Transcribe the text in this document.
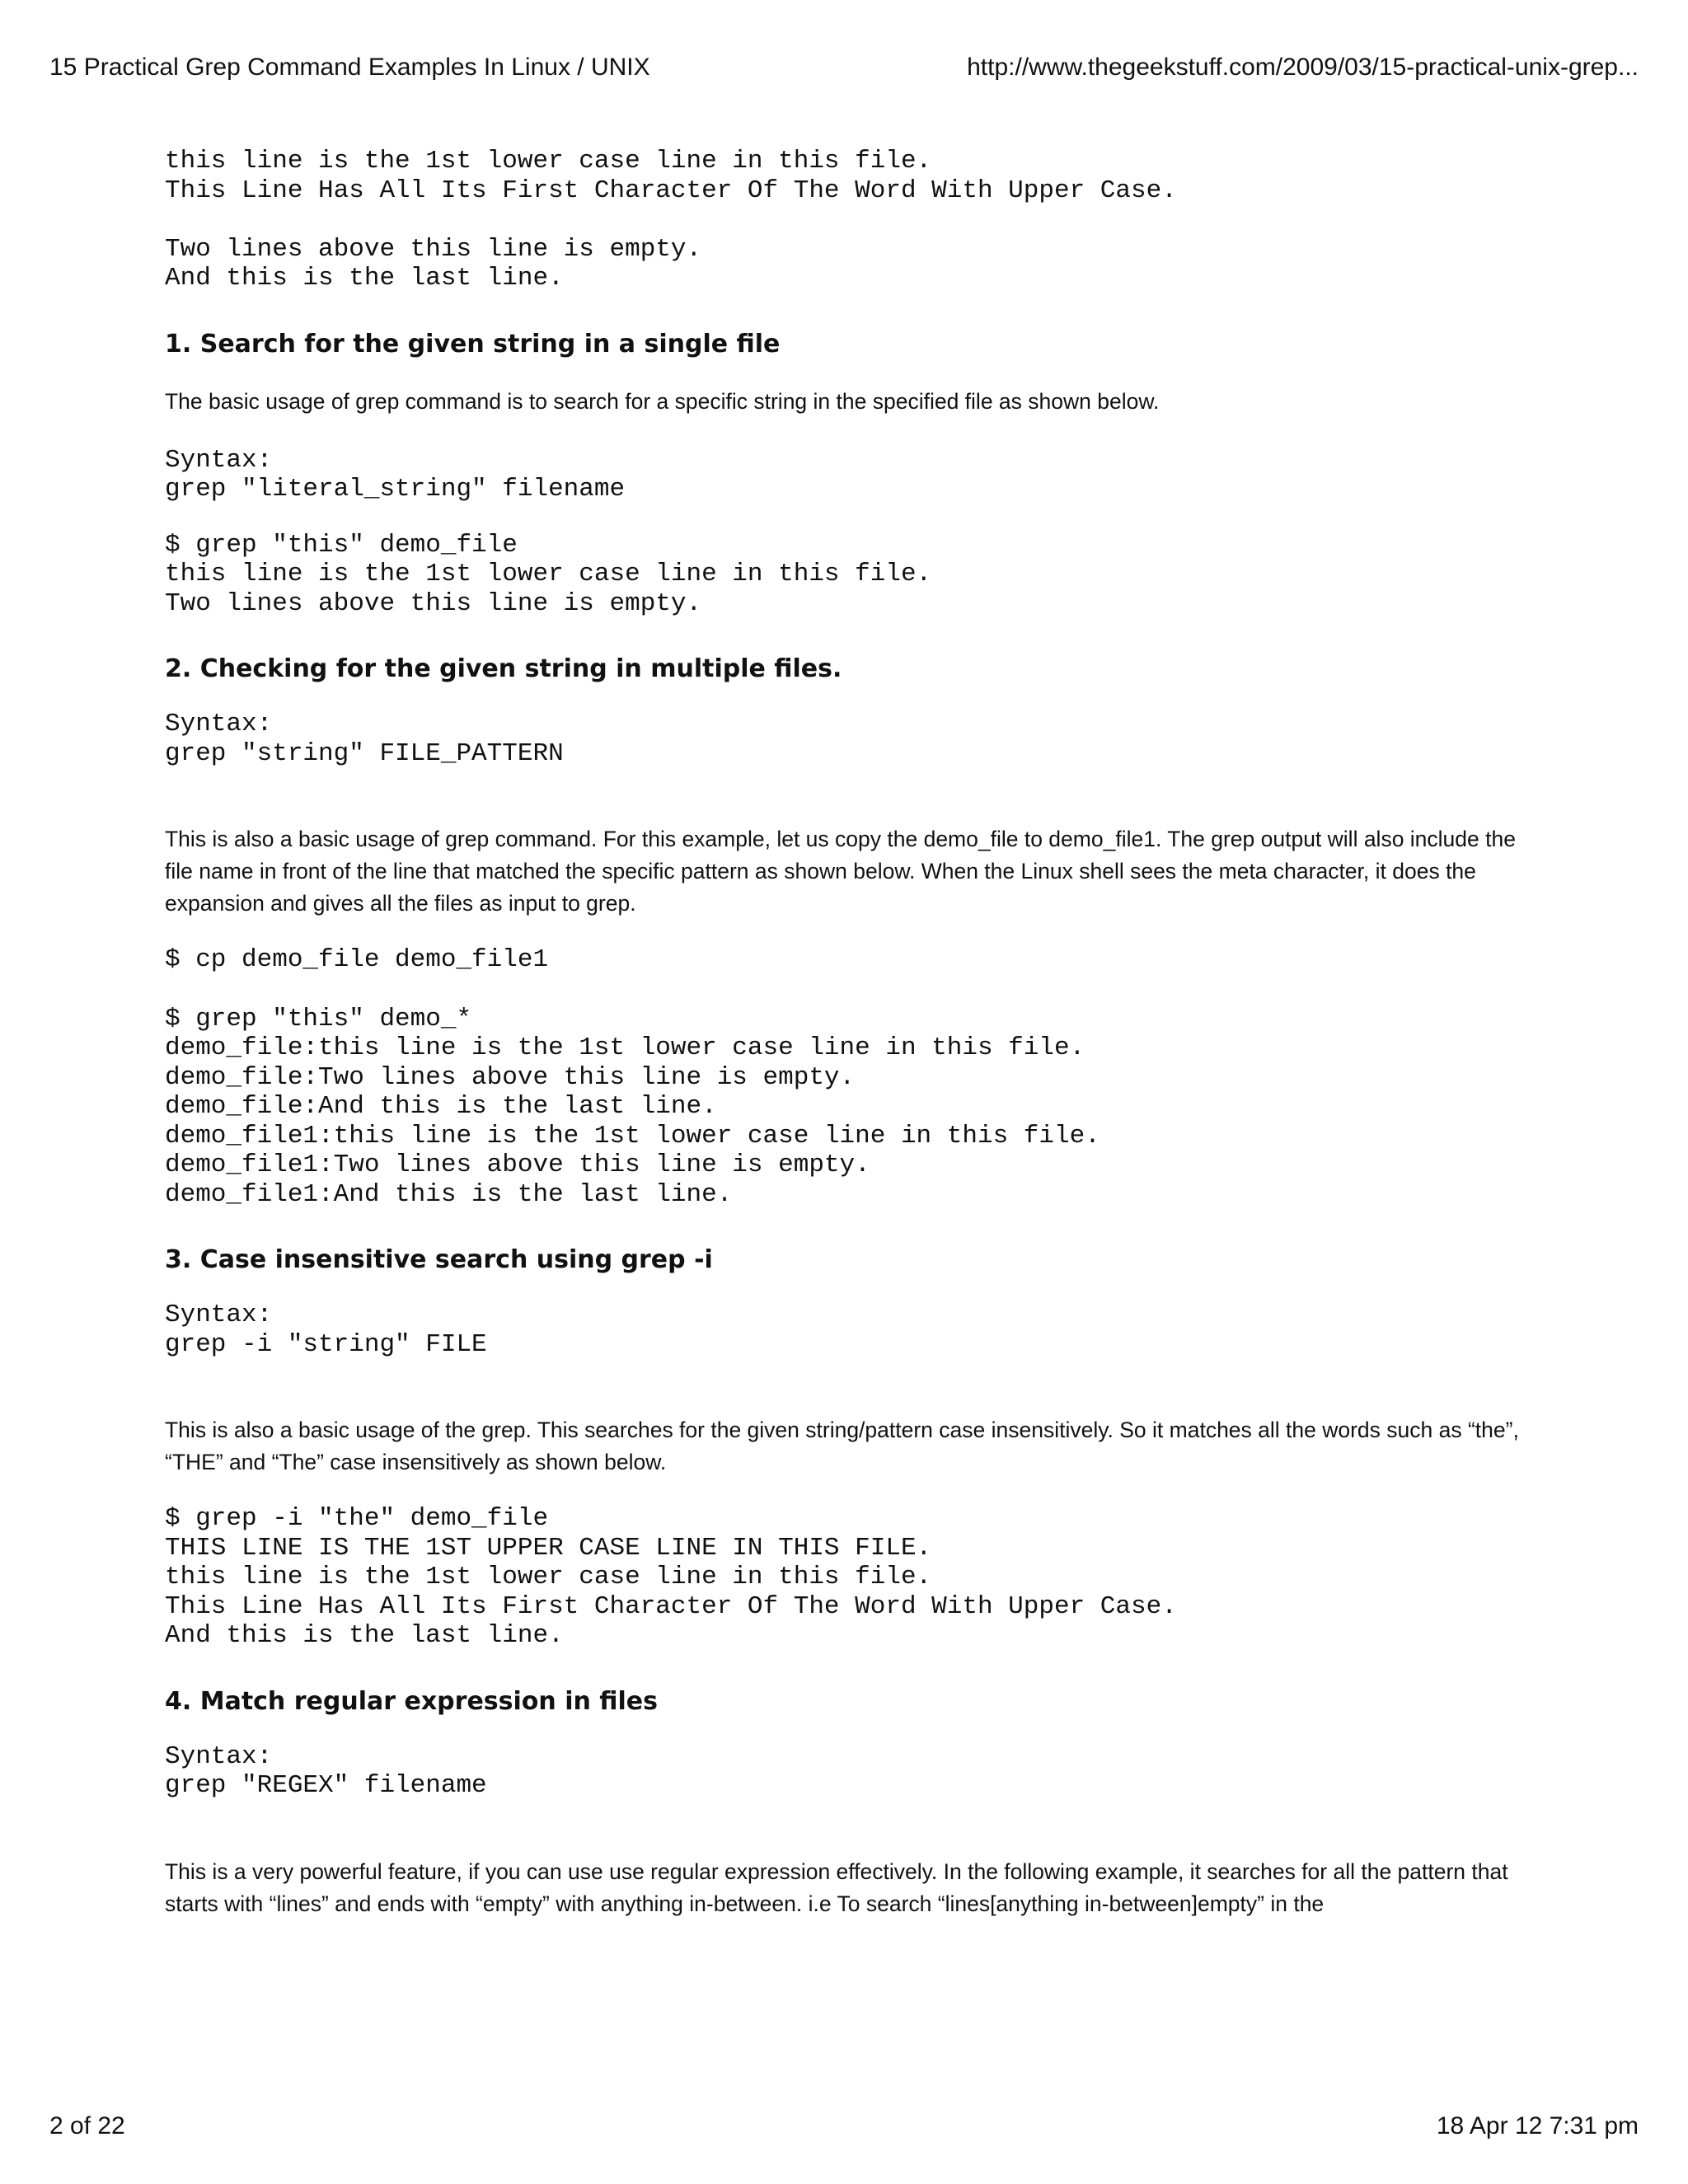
15 Practical Grep Command Examples In Linux / UNIX	http://www.thegeekstuff.com/2009/03/15-practical-unix-grep...
this line is the 1st lower case line in this file.
This Line Has All Its First Character Of The Word With Upper Case.

Two lines above this line is empty.
And this is the last line.
1. Search for the given string in a single file

The basic usage of grep command is to search for a specific string in the specified file as shown below.

Syntax:
grep "literal_string" filename
$ grep "this" demo_file
this line is the 1st lower case line in this file.
Two lines above this line is empty.
2. Checking for the given string in multiple files.
Syntax:
grep "string" FILE_PATTERN

This is also a basic usage of grep command. For this example, let us copy the demo_file to demo_file1. The grep output will also include the file name in front of the line that matched the specific pattern as shown below. When the Linux shell sees the meta character, it does the expansion and gives all the files as input to grep.

$ cp demo_file demo_file1
$ grep "this" demo_*
demo_file:this line is the 1st lower case line in this file.
demo_file:Two lines above this line is empty.
demo_file:And this is the last line.
demo_file1:this line is the 1st lower case line in this file.
demo_file1:Two lines above this line is empty.
demo_file1:And this is the last line.
3. Case insensitive search using grep -i
Syntax:
grep -i "string" FILE

This is also a basic usage of the grep. This searches for the given string/pattern case insensitively. So it matches all the words such as “the”, “THE” and “The” case insensitively as shown below.

$ grep -i "the" demo_file
THIS LINE IS THE 1ST UPPER CASE LINE IN THIS FILE.
this line is the 1st lower case line in this file.
This Line Has All Its First Character Of The Word With Upper Case.
And this is the last line.
4. Match regular expression in files
Syntax:
grep "REGEX" filename

This is a very powerful feature, if you can use use regular expression effectively. In the following example, it searches for all the pattern that starts with “lines” and ends with “empty” with anything in-between. i.e To search “lines[anything in-between]empty” in the

2 of 22	18 Apr 12 7:31 pm
